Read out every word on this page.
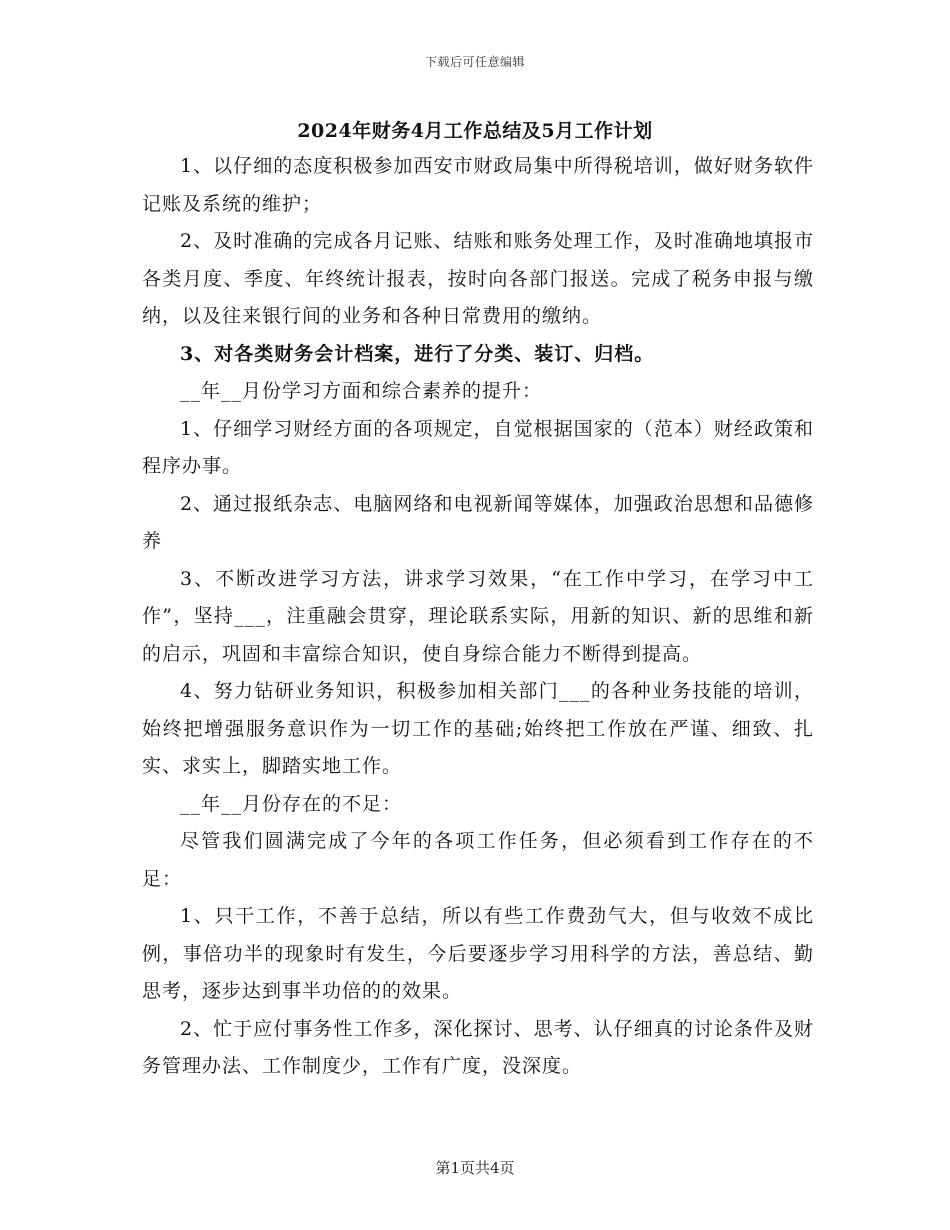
下载后可任意编辑
2024年财务4月工作总结及5月工作计划

1、以仔细的态度积极参加西安市财政局集中所得税培训，做好财务软件记账及系统的维护；

2、及时准确的完成各月记账、结账和账务处理工作，及时准确地填报市各类月度、季度、年终统计报表，按时向各部门报送。完成了税务申报与缴纳，以及往来银行间的业务和各种日常费用的缴纳。

3、对各类财务会计档案，进行了分类、装订、归档。

__年__月份学习方面和综合素养的提升：

1、仔细学习财经方面的各项规定，自觉根据国家的（范本）财经政策和程序办事。

2、通过报纸杂志、电脑网络和电视新闻等媒体，加强政治思想和品德修养

3、不断改进学习方法，讲求学习效果，“在工作中学习，在学习中工作”，坚持___，注重融会贯穿，理论联系实际，用新的知识、新的思维和新的启示，巩固和丰富综合知识，使自身综合能力不断得到提高。

4、努力钻研业务知识，积极参加相关部门___的各种业务技能的培训，始终把增强服务意识作为一切工作的基础;始终把工作放在严谨、细致、扎实、求实上，脚踏实地工作。

__年__月份存在的不足：

尽管我们圆满完成了今年的各项工作任务，但必须看到工作存在的不足：

1、只干工作，不善于总结，所以有些工作费劲气大，但与收效不成比例，事倍功半的现象时有发生，今后要逐步学习用科学的方法，善总结、勤思考，逐步达到事半功倍的的效果。

2、忙于应付事务性工作多，深化探讨、思考、认仔细真的讨论条件及财务管理办法、工作制度少，工作有广度，没深度。

第1页共4页
